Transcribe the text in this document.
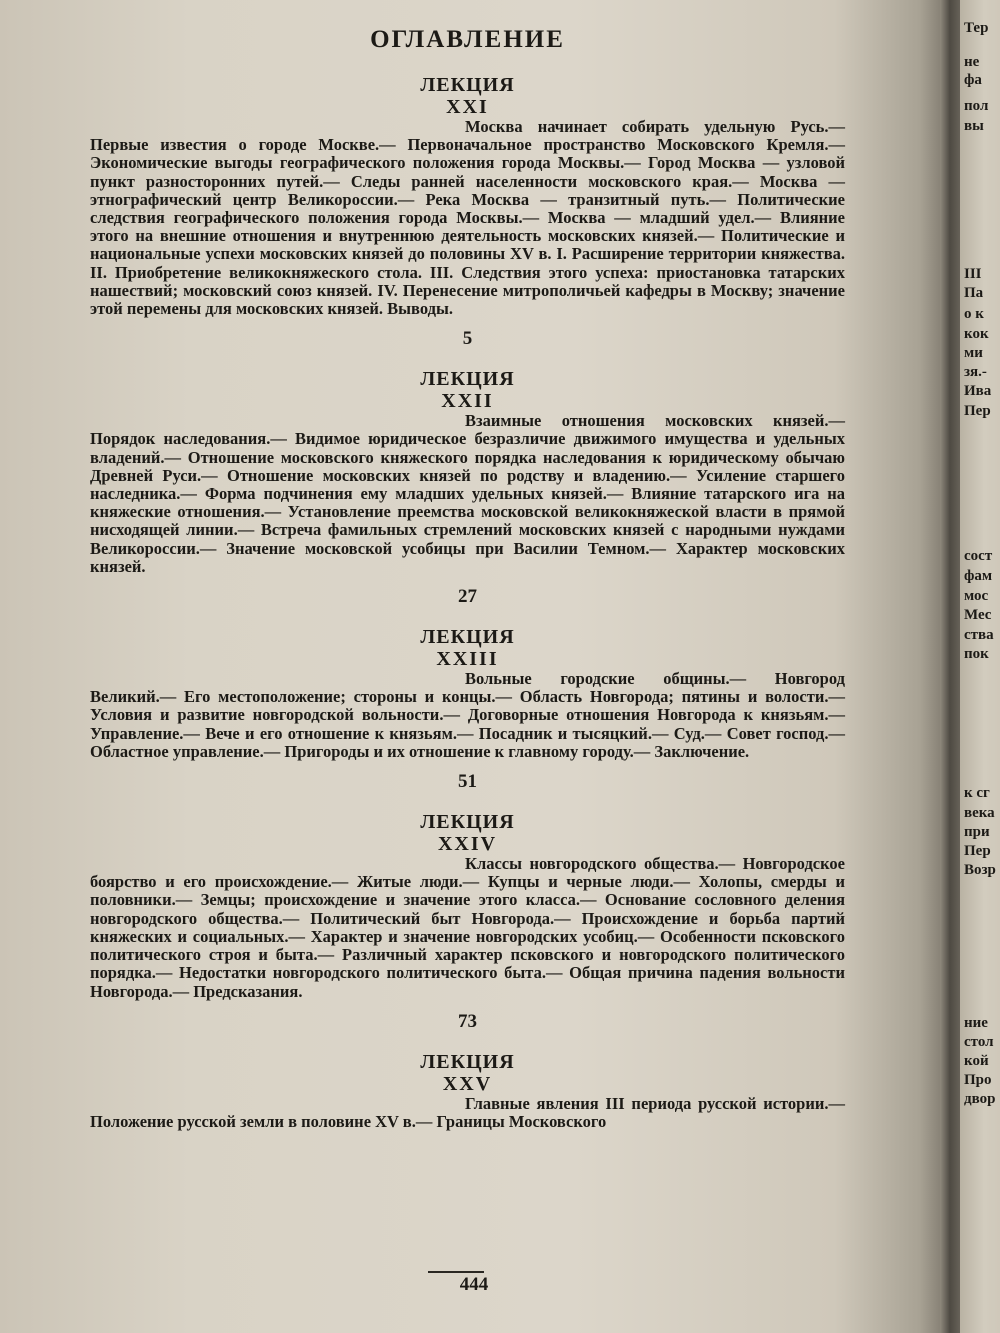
Тер
не
фа
пол
вы
III
Па
о к
кок
ми
зя.-
Ива
Пер
сост
фам
мос
Мес
ства
пок
к сг
века
при
Пер
Возр
ние
стол
кой
Про
двор
ОГЛАВЛЕНИЕ
ЛЕКЦИЯ
XXI

Москва начинает собирать удельную Русь.— Первые известия о городе Москве.— Первоначальное пространство Московского Кремля.— Экономические выгоды географического положения города Москвы.— Город Москва — узловой пункт разносторонних путей.— Следы ранней населенности московского края.— Москва — этнографический центр Великороссии.— Река Москва — транзитный путь.— Политические следствия географического положения города Москвы.— Москва — младший удел.— Влияние этого на внешние отношения и внутреннюю деятельность московских князей.— Политические и национальные успехи московских князей до половины XV в. I. Расширение территории княжества. II. Приобретение великокняжеского стола. III. Следствия этого успеха: приостановка татарских нашествий; московский союз князей. IV. Перенесение митрополичьей кафедры в Москву; значение этой перемены для московских князей. Выводы.

5
ЛЕКЦИЯ
XXII

Взаимные отношения московских князей.— Порядок наследования.— Видимое юридическое безразличие движимого имущества и удельных владений.— Отношение московского княжеского порядка наследования к юридическому обычаю Древней Руси.— Отношение московских князей по родству и владению.— Усиление старшего наследника.— Форма подчинения ему младших удельных князей.— Влияние татарского ига на княжеские отношения.— Установление преемства московской великокняжеской власти в прямой нисходящей линии.— Встреча фамильных стремлений московских князей с народными нуждами Великороссии.— Значение московской усобицы при Василии Темном.— Характер московских князей.

27
ЛЕКЦИЯ
XXIII

Вольные городские общины.— Новгород Великий.— Его местоположение; стороны и концы.— Область Новгорода; пятины и волости.— Условия и развитие новгородской вольности.— Договорные отношения Новгорода к князьям.— Управление.— Вече и его отношение к князьям.— Посадник и тысяцкий.— Суд.— Совет господ.— Областное управление.— Пригороды и их отношение к главному городу.— Заключение.

51
ЛЕКЦИЯ
XXIV

Классы новгородского общества.— Новгородское боярство и его происхождение.— Житые люди.— Купцы и черные люди.— Холопы, смерды и половники.— Земцы; происхождение и значение этого класса.— Основание сословного деления новгородского общества.— Политический быт Новгорода.— Происхождение и борьба партий княжеских и социальных.— Характер и значение новгородских усобиц.— Особенности псковского политического строя и быта.— Различный характер псковского и новгородского политического порядка.— Недостатки новгородского политического быта.— Общая причина падения вольности Новгорода.— Предсказания.

73
ЛЕКЦИЯ
XXV

Главные явления III периода русской истории.— Положение русской земли в половине XV в.— Границы Московского

444
